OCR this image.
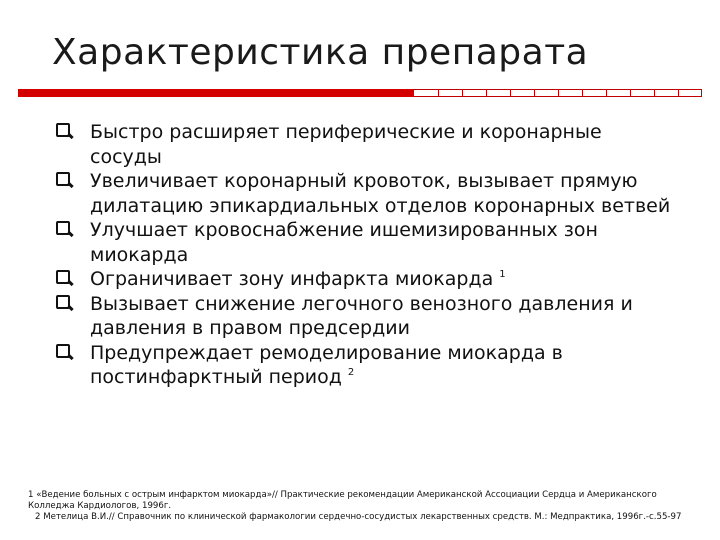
Характеристика препарата
Быстро расширяет периферические и коронарные сосуды
Увеличивает коронарный кровоток, вызывает прямую дилатацию эпикардиальных отделов коронарных ветвей
Улучшает кровоснабжение ишемизированных зон миокарда
Ограничивает зону инфаркта миокарда $^1$
Вызывает снижение легочного венозного давления и давления в правом предсердии
Предупреждает ремоделирование миокарда в постинфарктный период $^2$
1 «Ведение больных с острым инфарктом миокарда»// Практические рекомендации Американской Ассоциации Сердца и Американского Колледжа Кардиологов, 1996г.
2 Метелица В.И.// Справочник по клинической фармакологии сердечно-сосудистых лекарственных средств. М.: Медпрактика, 1996г.-с.55-97
